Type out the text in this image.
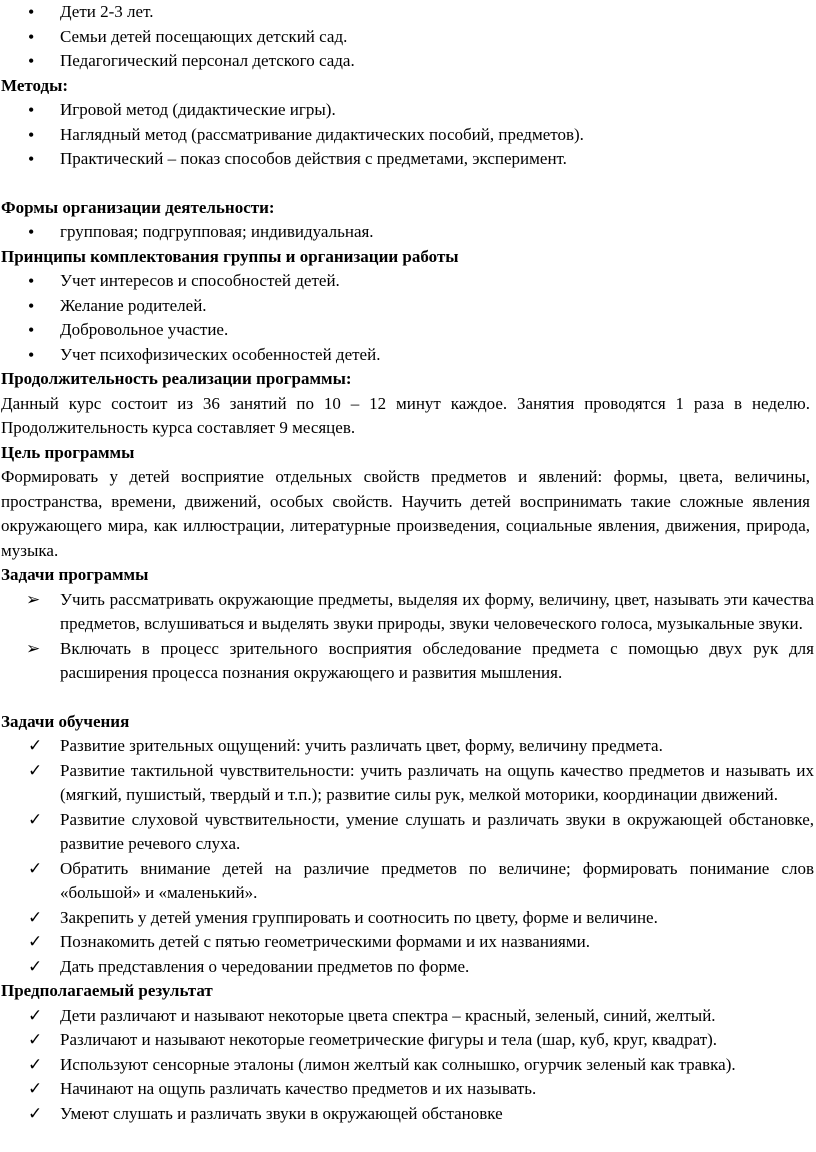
• Дети 2-3 лет.
• Семьи детей посещающих детский сад.
• Педагогический персонал детского сада.

Методы:

• Игровой метод (дидактические игры).
• Наглядный метод (рассматривание дидактических пособий, предметов).
• Практический – показ способов действия с предметами, эксперимент.

Формы организации деятельности:

• групповая; подгрупповая; индивидуальная.

Принципы комплектования группы и организации работы

• Учет интересов и способностей детей.
• Желание родителей.
• Добровольное участие.
• Учет психофизических особенностей детей.

Продолжительность реализации программы:

Данный курс состоит из 36 занятий по 10 – 12 минут каждое. Занятия проводятся 1 раза в неделю. Продолжительность курса составляет 9 месяцев.

Цель программы

Формировать у детей восприятие отдельных свойств предметов и явлений: формы, цвета, величины, пространства, времени, движений, особых свойств. Научить детей воспринимать такие сложные явления окружающего мира, как иллюстрации, литературные произведения, социальные явления, движения, природа, музыка.

Задачи программы

➢ Учить рассматривать окружающие предметы, выделяя их форму, величину, цвет, называть эти качества предметов, вслушиваться и выделять звуки природы, звуки человеческого голоса, музыкальные звуки.
➢ Включать в процесс зрительного восприятия обследование предмета с помощью двух рук для расширения процесса познания окружающего и развития мышления.

Задачи обучения

✓ Развитие зрительных ощущений: учить различать цвет, форму, величину предмета.
✓ Развитие тактильной чувствительности: учить различать на ощупь качество предметов и называть их (мягкий, пушистый, твердый и т.п.); развитие силы рук, мелкой моторики, координации движений.
✓ Развитие слуховой чувствительности, умение слушать и различать звуки в окружающей обстановке, развитие речевого слуха.
✓ Обратить внимание детей на различие предметов по величине; формировать понимание слов «большой» и «маленький».
✓ Закрепить у детей умения группировать и соотносить по цвету, форме и величине.
✓ Познакомить детей с пятью геометрическими формами и их названиями.
✓ Дать представления о чередовании предметов по форме.

Предполагаемый результат

✓ Дети различают и называют некоторые цвета спектра – красный, зеленый, синий, желтый.
✓ Различают и называют некоторые геометрические фигуры и тела (шар, куб, круг, квадрат).
✓ Используют сенсорные эталоны (лимон желтый как солнышко, огурчик зеленый как травка).
✓ Начинают на ощупь различать качество предметов и их называть.
✓ Умеют слушать и различать звуки в окружающей обстановке
